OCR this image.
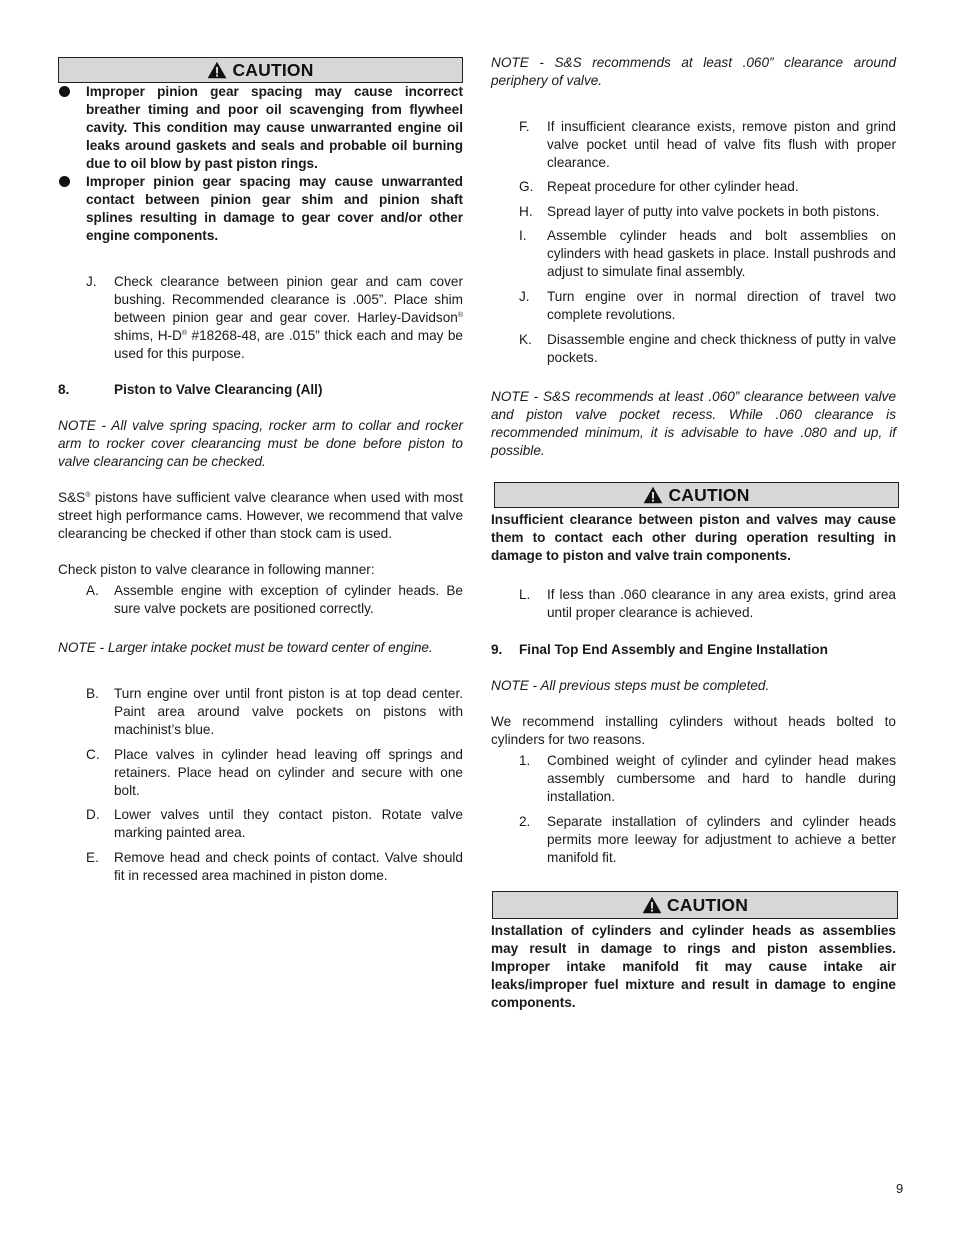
CAUTION
Improper pinion gear spacing may cause incorrect breather timing and poor oil scavenging from flywheel cavity. This condition may cause unwarranted engine oil leaks around gaskets and seals and probable oil burning due to oil blow by past piston rings.
Improper pinion gear spacing may cause unwarranted contact between pinion gear shim and pinion shaft splines resulting in damage to gear cover and/or other engine components.
J. Check clearance between pinion gear and cam cover bushing. Recommended clearance is .005”. Place shim between pinion gear and gear cover. Harley-Davidson® shims, H-D® #18268-48, are .015” thick each and may be used for this purpose.
8.	Piston to Valve Clearancing (All)

NOTE - All valve spring spacing, rocker arm to collar and rocker arm to rocker cover clearancing must be done before piston to valve clearancing can be checked.

S&S® pistons have sufficient valve clearance when used with most street high performance cams. However, we recommend that valve clearancing be checked if other than stock cam is used.

Check piston to valve clearance in following manner:

A. Assemble engine with exception of cylinder heads. Be sure valve pockets are positioned correctly.

NOTE - Larger intake pocket must be toward center of engine.

B. Turn engine over until front piston is at top dead center. Paint area around valve pockets on pistons with machinist’s blue.
C. Place valves in cylinder head leaving off springs and retainers. Place head on cylinder and secure with one bolt.
D. Lower valves until they contact piston. Rotate valve marking painted area.
E. Remove head and check points of contact. Valve should fit in recessed area machined in piston dome.

NOTE - S&S recommends at least .060” clearance around periphery of valve.

F. If insufficient clearance exists, remove piston and grind valve pocket until head of valve fits flush with proper clearance.
G. Repeat procedure for other cylinder head.
H. Spread layer of putty into valve pockets in both pistons.
I. Assemble cylinder heads and bolt assemblies on cylinders with head gaskets in place. Install pushrods and adjust to simulate final assembly.
J. Turn engine over in normal direction of travel two complete revolutions.
K. Disassemble engine and check thickness of putty in valve pockets.

NOTE - S&S recommends at least .060” clearance between valve and piston valve pocket recess. While .060 clearance is recommended minimum, it is advisable to have .080 and up, if possible.

CAUTION

Insufficient clearance between piston and valves may cause them to contact each other during operation resulting in damage to piston and valve train components.

L. If less than .060 clearance in any area exists, grind area until proper clearance is achieved.
9. Final Top End Assembly and Engine Installation

NOTE - All previous steps must be completed.

We recommend installing cylinders without heads bolted to cylinders for two reasons.

1. Combined weight of cylinder and cylinder head makes assembly cumbersome and hard to handle during installation.
2. Separate installation of cylinders and cylinder heads permits more leeway for adjustment to achieve a better manifold fit.
CAUTION

Installation of cylinders and cylinder heads as assemblies may result in damage to rings and piston assemblies. Improper intake manifold fit may cause intake air leaks/improper fuel mixture and result in damage to engine components.

9
